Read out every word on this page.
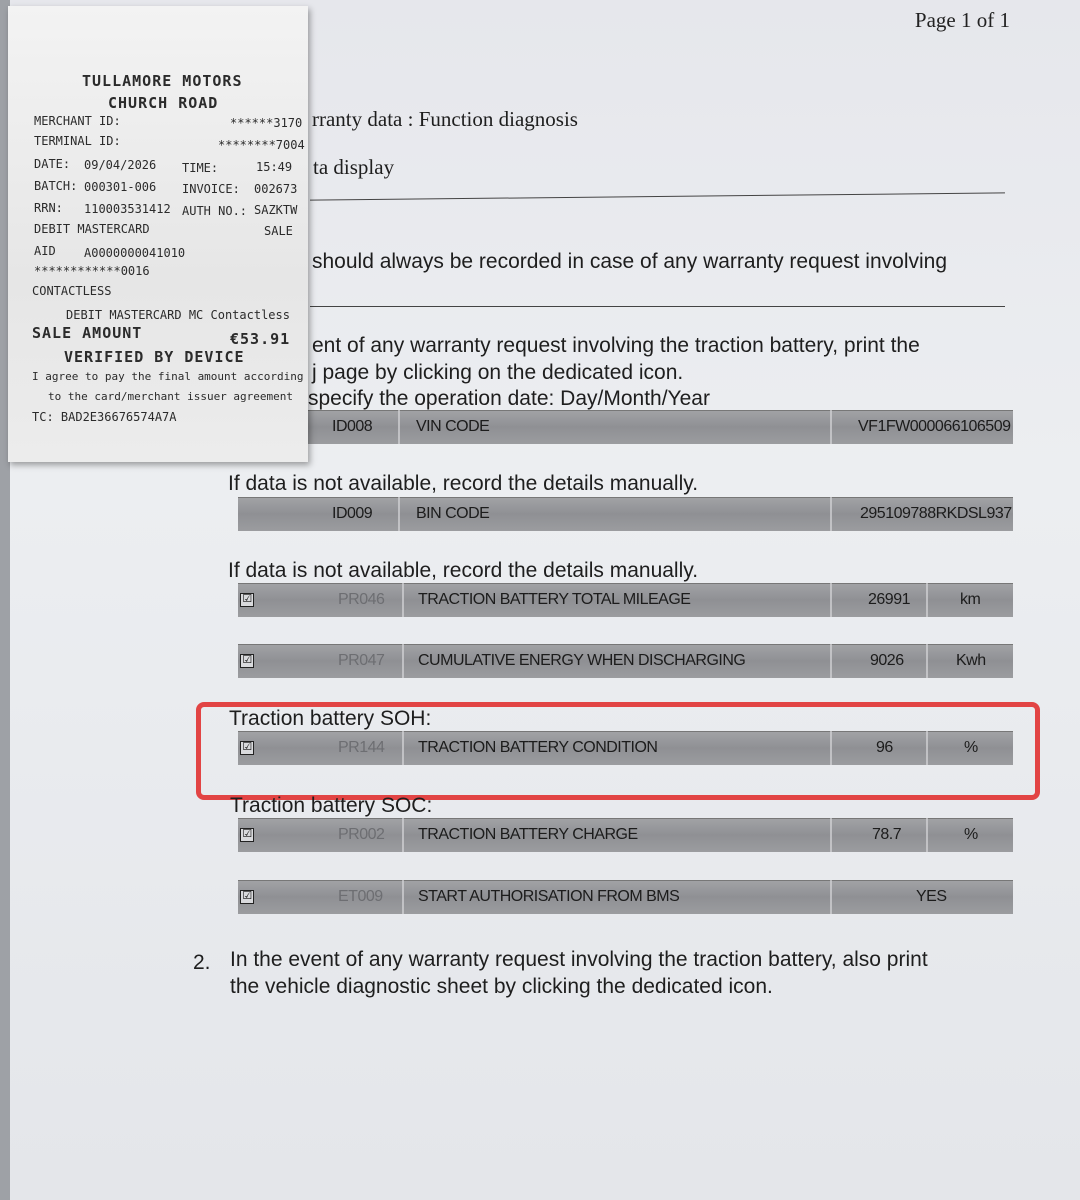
Page 1 of 1
rranty data : Function diagnosis
ta display
should always be recorded in case of any warranty request involving
ent of any warranty request involving the traction battery, print the
j page by clicking on the dedicated icon.
specify the operation date: Day/Month/Year
ID008	VIN CODE	VF1FW000066106509
If data is not available, record the details manually.
ID009	BIN CODE	295109788RKDSL937
If data is not available, record the details manually.
☑	PR046 TRACTION BATTERY TOTAL MILEAGE	26991	km
☑	PR047 CUMULATIVE ENERGY WHEN DISCHARGING	9026	Kwh
Traction battery SOH:
☑	PR144 TRACTION BATTERY CONDITION	96	%
Traction battery SOC:
☑	PR002 TRACTION BATTERY CHARGE	78.7	%
☑	ET009 START AUTHORISATION FROM BMS	YES
2. In the event of any warranty request involving the traction battery, also print
the vehicle diagnostic sheet by clicking the dedicated icon.
TULLAMORE MOTORS
CHURCH ROAD
MERCHANT ID:	******3170
TERMINAL ID:	********7004
DATE: 09/04/2026 TIME:	15:49
BATCH: 000301-006 INVOICE: 002673
RRN: 110003531412 AUTH NO.: SAZKTW
DEBIT MASTERCARD	SALE
AID A0000000041010
************0016
CONTACTLESS
DEBIT MASTERCARD MC Contactless
SALE AMOUNT	€53.91
VERIFIED BY DEVICE
I agree to pay the final amount according
to the card/merchant issuer agreement
TC: BAD2E36676574A7A
